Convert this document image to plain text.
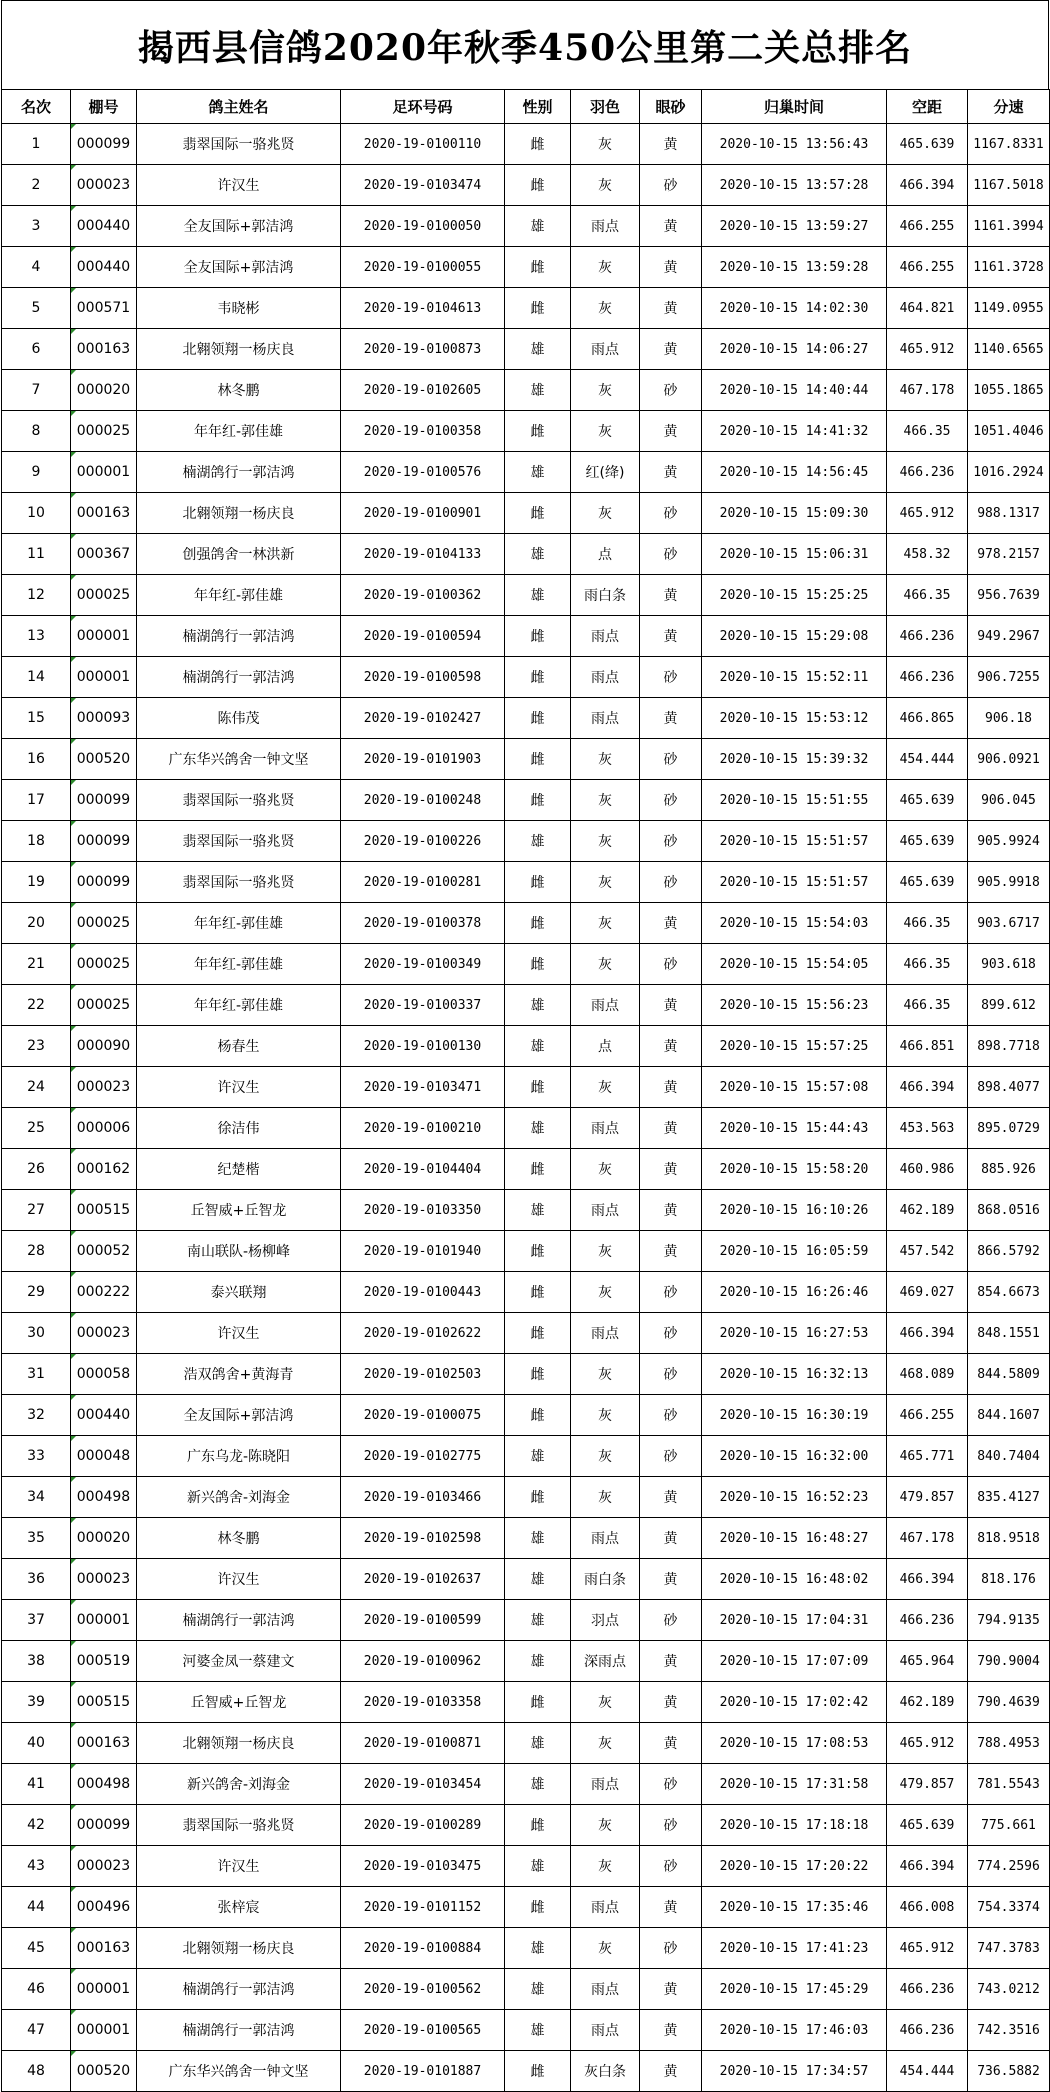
揭西县信鸽2020年秋季450公里第二关总排名
名次	棚号	鸽主姓名	足环号码	性别	羽色	眼砂	归巢时间	空距	分速
1	000099	翡翠国际一骆兆贤	2020-19-0100110	雌	灰	黄	2020-10-15 13:56:43	465.639	1167.8331
2	000023	许汉生	2020-19-0103474	雌	灰	砂	2020-10-15 13:57:28	466.394	1167.5018
3	000440	全友国际+郭洁鸿	2020-19-0100050	雄	雨点	黄	2020-10-15 13:59:27	466.255	1161.3994
4	000440	全友国际+郭洁鸿	2020-19-0100055	雌	灰	黄	2020-10-15 13:59:28	466.255	1161.3728
5	000571	韦晓彬	2020-19-0104613	雌	灰	黄	2020-10-15 14:02:30	464.821	1149.0955
6	000163	北翱领翔一杨庆良	2020-19-0100873	雄	雨点	黄	2020-10-15 14:06:27	465.912	1140.6565
7	000020	林冬鹏	2020-19-0102605	雄	灰	砂	2020-10-15 14:40:44	467.178	1055.1865
8	000025	年年红-郭佳雄	2020-19-0100358	雌	灰	黄	2020-10-15 14:41:32	466.35	1051.4046
9	000001	楠湖鸽行一郭洁鸿	2020-19-0100576	雄	红(绛)	黄	2020-10-15 14:56:45	466.236	1016.2924
10	000163	北翱领翔一杨庆良	2020-19-0100901	雌	灰	砂	2020-10-15 15:09:30	465.912	988.1317
11	000367	创强鸽舍一林洪新	2020-19-0104133	雄	点	砂	2020-10-15 15:06:31	458.32	978.2157
12	000025	年年红-郭佳雄	2020-19-0100362	雄	雨白条	黄	2020-10-15 15:25:25	466.35	956.7639
13	000001	楠湖鸽行一郭洁鸿	2020-19-0100594	雌	雨点	黄	2020-10-15 15:29:08	466.236	949.2967
14	000001	楠湖鸽行一郭洁鸿	2020-19-0100598	雌	雨点	砂	2020-10-15 15:52:11	466.236	906.7255
15	000093	陈伟茂	2020-19-0102427	雌	雨点	黄	2020-10-15 15:53:12	466.865	906.18
16	000520	广东华兴鸽舍一钟文坚	2020-19-0101903	雌	灰	砂	2020-10-15 15:39:32	454.444	906.0921
17	000099	翡翠国际一骆兆贤	2020-19-0100248	雌	灰	砂	2020-10-15 15:51:55	465.639	906.045
18	000099	翡翠国际一骆兆贤	2020-19-0100226	雄	灰	砂	2020-10-15 15:51:57	465.639	905.9924
19	000099	翡翠国际一骆兆贤	2020-19-0100281	雌	灰	砂	2020-10-15 15:51:57	465.639	905.9918
20	000025	年年红-郭佳雄	2020-19-0100378	雌	灰	黄	2020-10-15 15:54:03	466.35	903.6717
21	000025	年年红-郭佳雄	2020-19-0100349	雌	灰	砂	2020-10-15 15:54:05	466.35	903.618
22	000025	年年红-郭佳雄	2020-19-0100337	雄	雨点	黄	2020-10-15 15:56:23	466.35	899.612
23	000090	杨春生	2020-19-0100130	雄	点	黄	2020-10-15 15:57:25	466.851	898.7718
24	000023	许汉生	2020-19-0103471	雌	灰	黄	2020-10-15 15:57:08	466.394	898.4077
25	000006	徐洁伟	2020-19-0100210	雄	雨点	黄	2020-10-15 15:44:43	453.563	895.0729
26	000162	纪楚楷	2020-19-0104404	雌	灰	黄	2020-10-15 15:58:20	460.986	885.926
27	000515	丘智威+丘智龙	2020-19-0103350	雄	雨点	黄	2020-10-15 16:10:26	462.189	868.0516
28	000052	南山联队-杨柳峰	2020-19-0101940	雌	灰	黄	2020-10-15 16:05:59	457.542	866.5792
29	000222	泰兴联翔	2020-19-0100443	雌	灰	砂	2020-10-15 16:26:46	469.027	854.6673
30	000023	许汉生	2020-19-0102622	雌	雨点	砂	2020-10-15 16:27:53	466.394	848.1551
31	000058	浩双鸽舍+黄海青	2020-19-0102503	雌	灰	砂	2020-10-15 16:32:13	468.089	844.5809
32	000440	全友国际+郭洁鸿	2020-19-0100075	雌	灰	砂	2020-10-15 16:30:19	466.255	844.1607
33	000048	广东乌龙-陈晓阳	2020-19-0102775	雄	灰	砂	2020-10-15 16:32:00	465.771	840.7404
34	000498	新兴鸽舍-刘海金	2020-19-0103466	雌	灰	黄	2020-10-15 16:52:23	479.857	835.4127
35	000020	林冬鹏	2020-19-0102598	雄	雨点	黄	2020-10-15 16:48:27	467.178	818.9518
36	000023	许汉生	2020-19-0102637	雄	雨白条	黄	2020-10-15 16:48:02	466.394	818.176
37	000001	楠湖鸽行一郭洁鸿	2020-19-0100599	雄	羽点	砂	2020-10-15 17:04:31	466.236	794.9135
38	000519	河婆金凤一蔡建文	2020-19-0100962	雄	深雨点	黄	2020-10-15 17:07:09	465.964	790.9004
39	000515	丘智威+丘智龙	2020-19-0103358	雌	灰	黄	2020-10-15 17:02:42	462.189	790.4639
40	000163	北翱领翔一杨庆良	2020-19-0100871	雄	灰	黄	2020-10-15 17:08:53	465.912	788.4953
41	000498	新兴鸽舍-刘海金	2020-19-0103454	雄	雨点	砂	2020-10-15 17:31:58	479.857	781.5543
42	000099	翡翠国际一骆兆贤	2020-19-0100289	雌	灰	砂	2020-10-15 17:18:18	465.639	775.661
43	000023	许汉生	2020-19-0103475	雄	灰	砂	2020-10-15 17:20:22	466.394	774.2596
44	000496	张梓宸	2020-19-0101152	雌	雨点	黄	2020-10-15 17:35:46	466.008	754.3374
45	000163	北翱领翔一杨庆良	2020-19-0100884	雄	灰	砂	2020-10-15 17:41:23	465.912	747.3783
46	000001	楠湖鸽行一郭洁鸿	2020-19-0100562	雄	雨点	黄	2020-10-15 17:45:29	466.236	743.0212
47	000001	楠湖鸽行一郭洁鸿	2020-19-0100565	雄	雨点	黄	2020-10-15 17:46:03	466.236	742.3516
48	000520	广东华兴鸽舍一钟文坚	2020-19-0101887	雌	灰白条	黄	2020-10-15 17:34:57	454.444	736.5882
